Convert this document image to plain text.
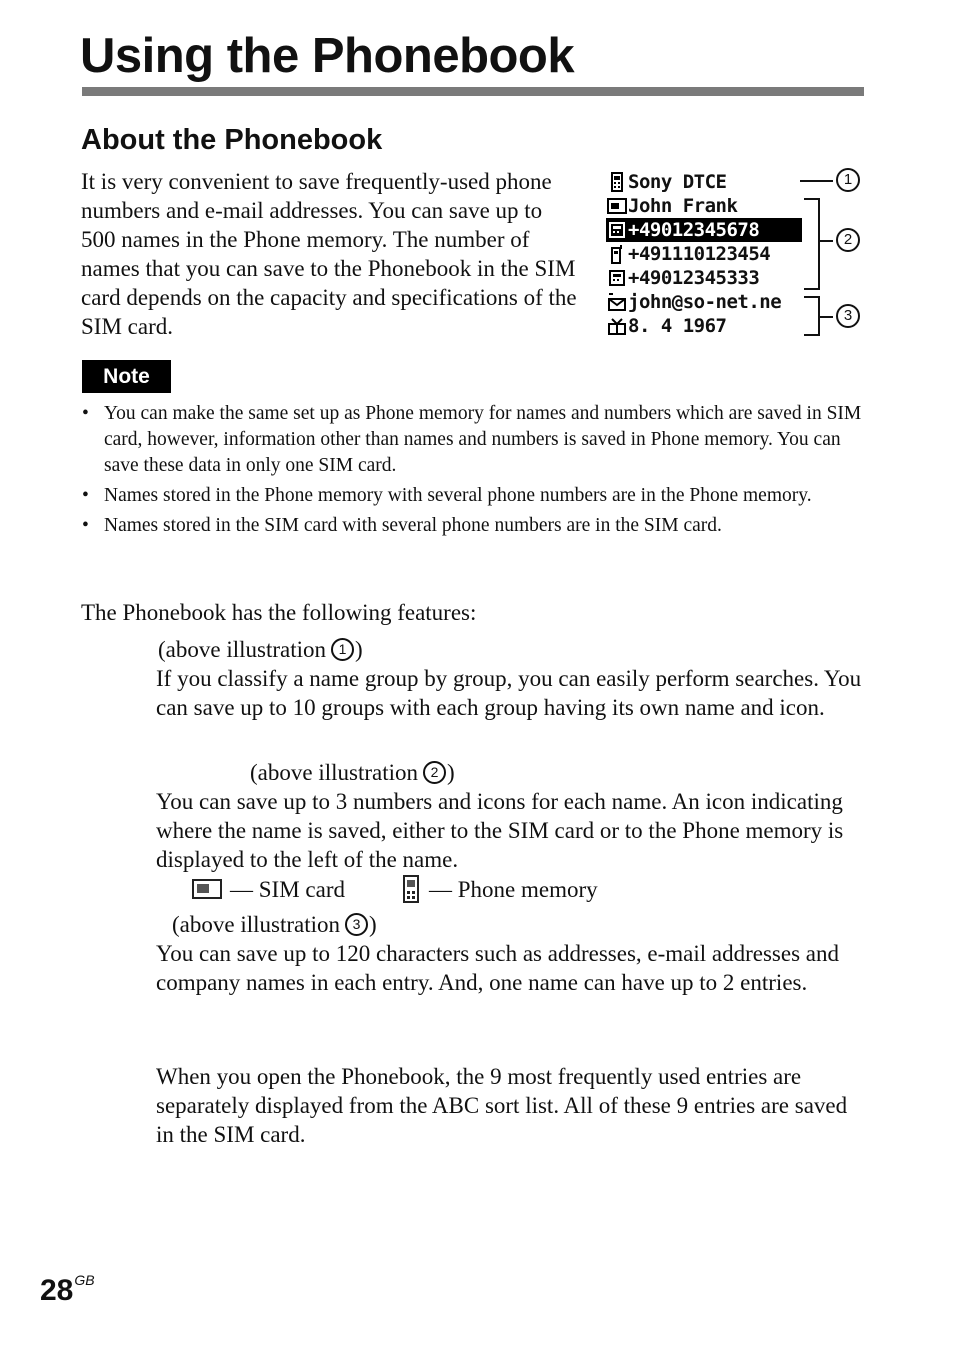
Using the Phonebook
About the Phonebook
It is very convenient to save frequently-used phone numbers and e-mail addresses. You can save up to 500 names in the Phone memory. The number of names that you can save to the Phonebook in the SIM card depends on the capacity and specifications of the SIM card.
Sony DTCE
John Frank
+49012345678
+491110123454
+49012345333
john@so-net.ne
8. 4 1967
1
2
3
Note
• You can make the same set up as Phone memory for names and numbers which are saved in SIM card, however, information other than names and numbers is saved in Phone memory. You can save these data in only one SIM card.
• Names stored in the Phone memory with several phone numbers are in the Phone memory.
• Names stored in the SIM card with several phone numbers are in the SIM card.
The Phonebook has the following features:
(above illustration 1 )
If you classify a name group by group, you can easily perform searches. You can save up to 10 groups with each group having its own name and icon.
(above illustration 2 )
You can save up to 3 numbers and icons for each name. An icon indicating where the name is saved, either to the SIM card or to the Phone memory is displayed to the left of the name.
— SIM card	— Phone memory
(above illustration 3 )
You can save up to 120 characters such as addresses, e-mail addresses and company names in each entry. And, one name can have up to 2 entries.
When you open the Phonebook, the 9 most frequently used entries are separately displayed from the ABC sort list. All of these 9 entries are saved in the SIM card.
$28^{GB}$
